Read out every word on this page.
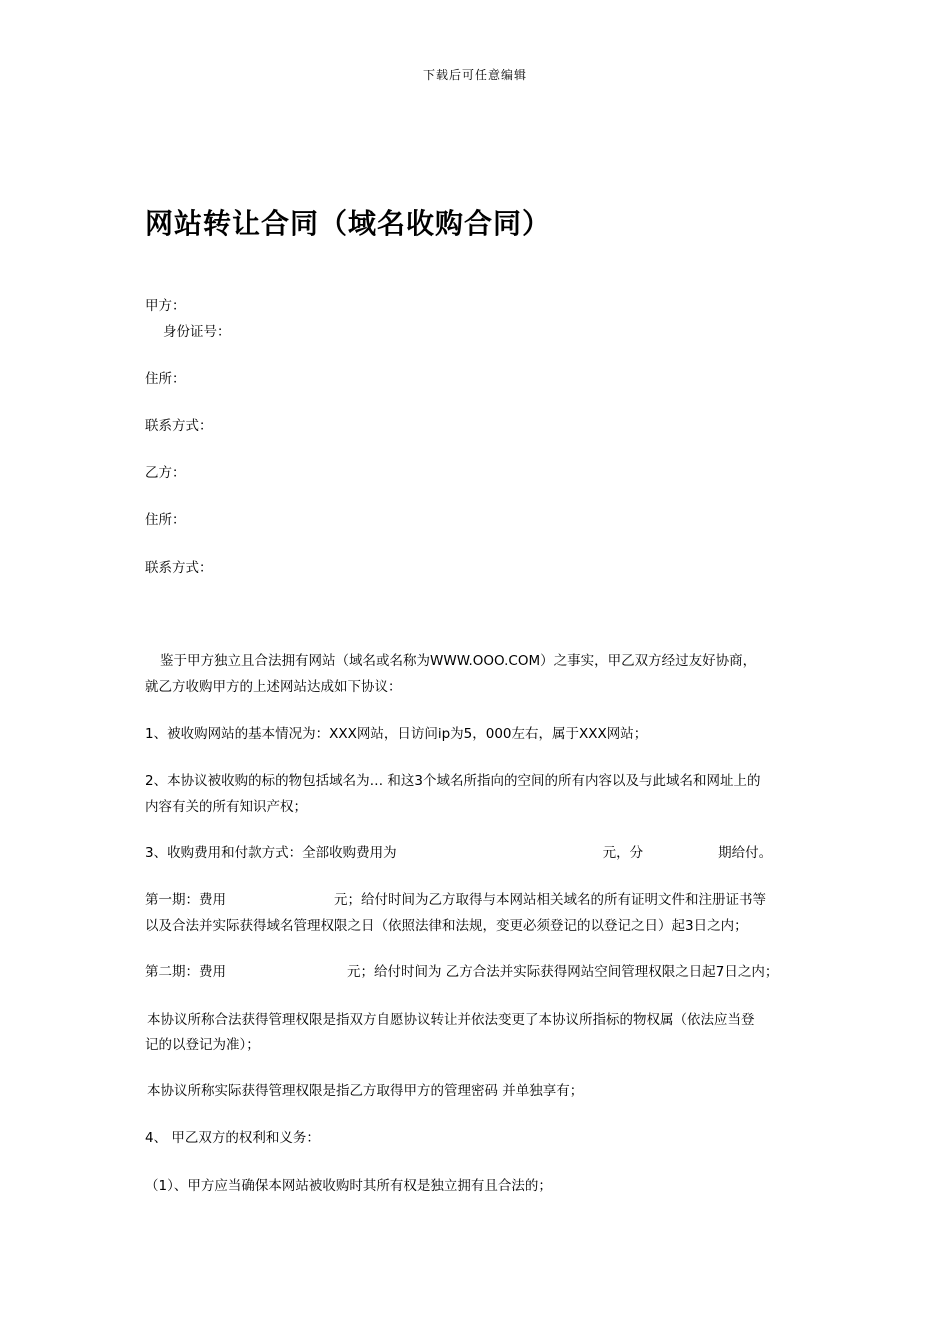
下载后可任意编辑
网站转让合同（域名收购合同）
甲方：
身份证号：
住所：
联系方式：
乙方：
住所：
联系方式：
鉴于甲方独立且合法拥有网站（域名或名称为WWW.OOO.COM）之事实，甲乙双方经过友好协商，
就乙方收购甲方的上述网站达成如下协议：
1、被收购网站的基本情况为：XXX网站，日访问ip为5，000左右，属于XXX网站；
2、本协议被收购的标的物包括域名为… 和这3个域名所指向的空间的所有内容以及与此域名和网址上的
内容有关的所有知识产权；
3、收购费用和付款方式：全部收购费用为	元，分	期给付。
第一期：费用	元；给付时间为乙方取得与本网站相关域名的所有证明文件和注册证书等
以及合法并实际获得域名管理权限之日（依照法律和法规，变更必须登记的以登记之日）起3日之内；
第二期：费用	元；给付时间为 乙方合法并实际获得网站空间管理权限之日起7日之内；
本协议所称合法获得管理权限是指双方自愿协议转让并依法变更了本协议所指标的物权属（依法应当登
记的以登记为准）；
本协议所称实际获得管理权限是指乙方取得甲方的管理密码 并单独享有；
4、 甲乙双方的权利和义务：
（1）、甲方应当确保本网站被收购时其所有权是独立拥有且合法的；
